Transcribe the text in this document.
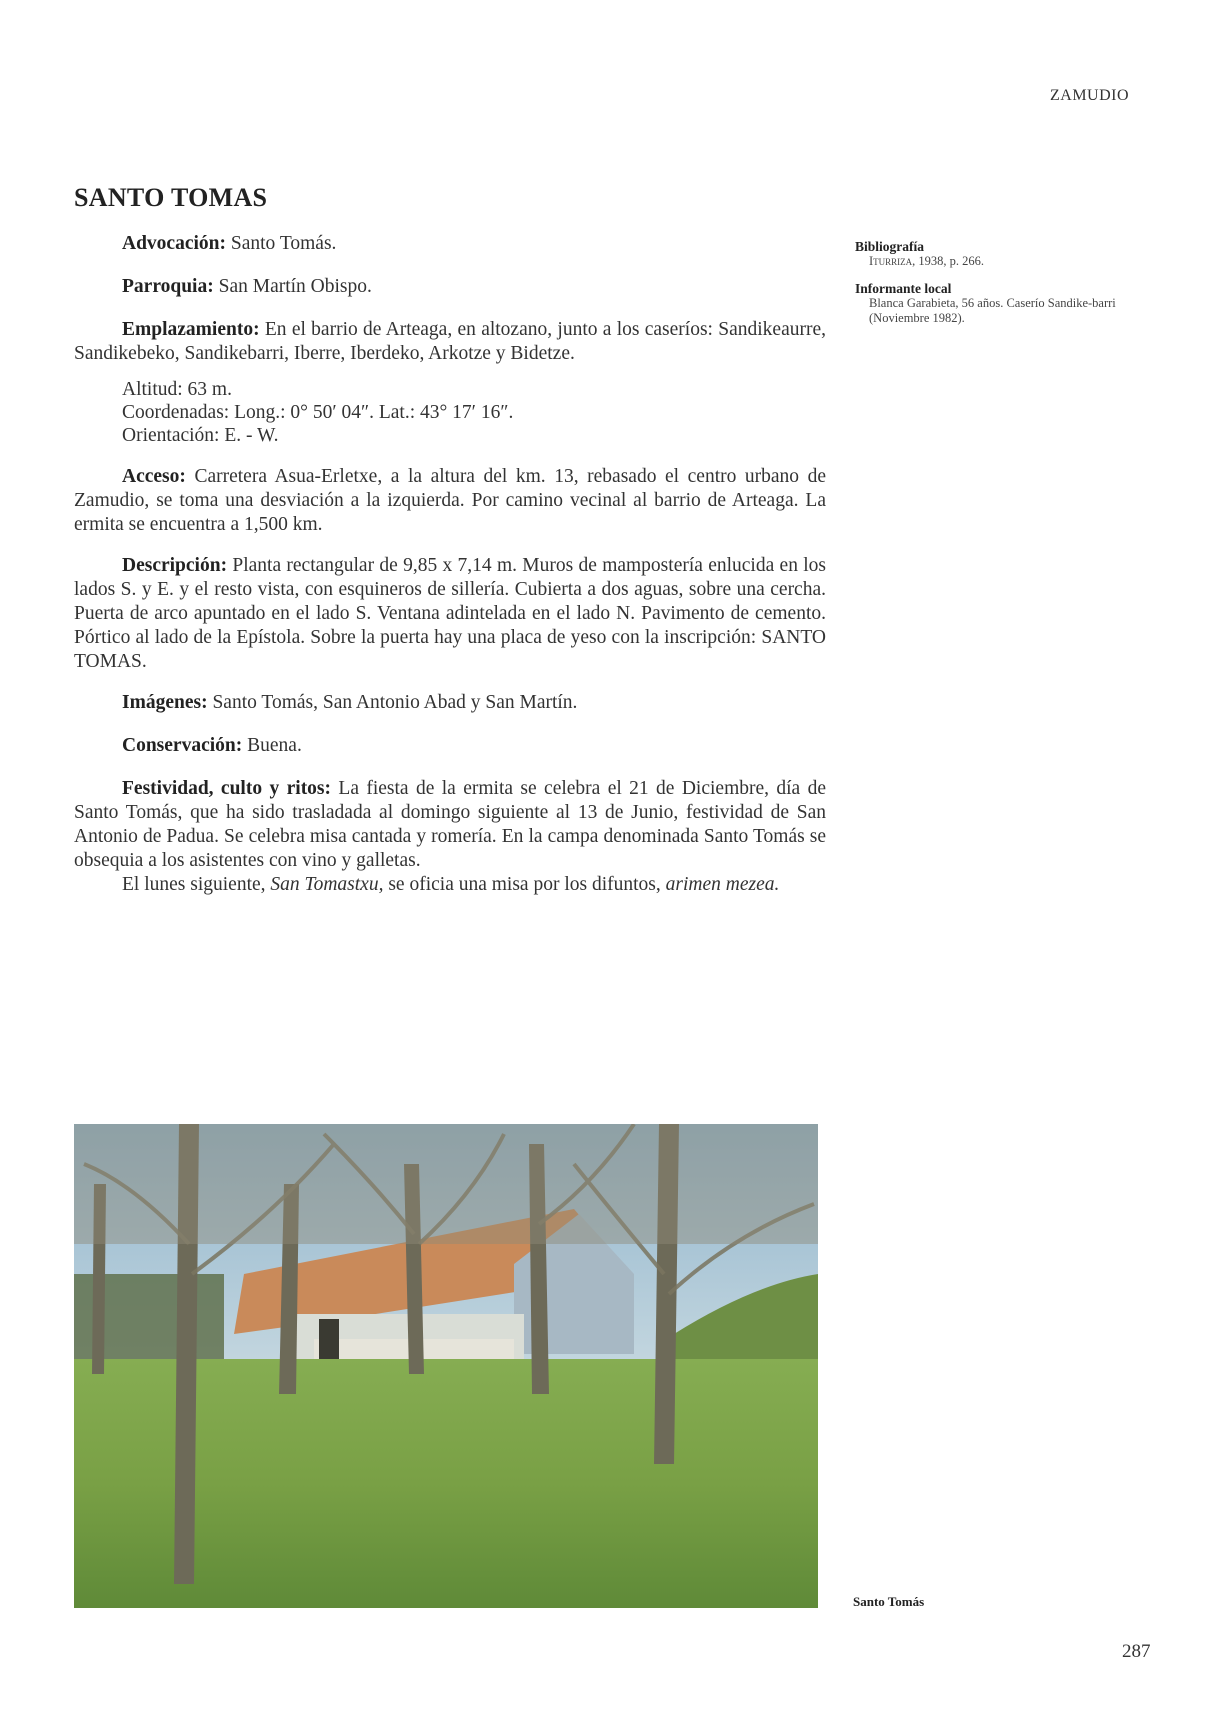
ZAMUDIO
SANTO TOMAS

Advocación: Santo Tomás.

Parroquia: San Martín Obispo.

Emplazamiento: En el barrio de Arteaga, en altozano, junto a los caseríos: Sandikeaurre, Sandikebeko, Sandikebarri, Iberre, Iberdeko, Arkotze y Bidetze.

Altitud: 63 m.
Coordenadas: Long.: 0° 50′ 04″. Lat.: 43° 17′ 16″.
Orientación: E. - W.

Acceso: Carretera Asua-Erletxe, a la altura del km. 13, rebasado el centro urbano de Zamudio, se toma una desviación a la izquierda. Por camino vecinal al barrio de Arteaga. La ermita se encuentra a 1,500 km.

Descripción: Planta rectangular de 9,85 x 7,14 m. Muros de mampostería enlucida en los lados S. y E. y el resto vista, con esquineros de sillería. Cubierta a dos aguas, sobre una cercha. Puerta de arco apuntado en el lado S. Ventana adintelada en el lado N. Pavimento de cemento. Pórtico al lado de la Epístola. Sobre la puerta hay una placa de yeso con la inscripción: SANTO TOMAS.

Imágenes: Santo Tomás, San Antonio Abad y San Martín.

Conservación: Buena.

Festividad, culto y ritos: La fiesta de la ermita se celebra el 21 de Diciembre, día de Santo Tomás, que ha sido trasladada al domingo siguiente al 13 de Junio, festividad de San Antonio de Padua. Se celebra misa cantada y romería. En la campa denominada Santo Tomás se obsequia a los asistentes con vino y galletas.

El lunes siguiente, San Tomastxu, se oficia una misa por los difuntos, arimen mezea.

Bibliografía
Iturriza, 1938, p. 266.
Informante local
Blanca Garabieta, 56 años. Caserío Sandike-barri (Noviembre 1982).
Santo Tomás
287
